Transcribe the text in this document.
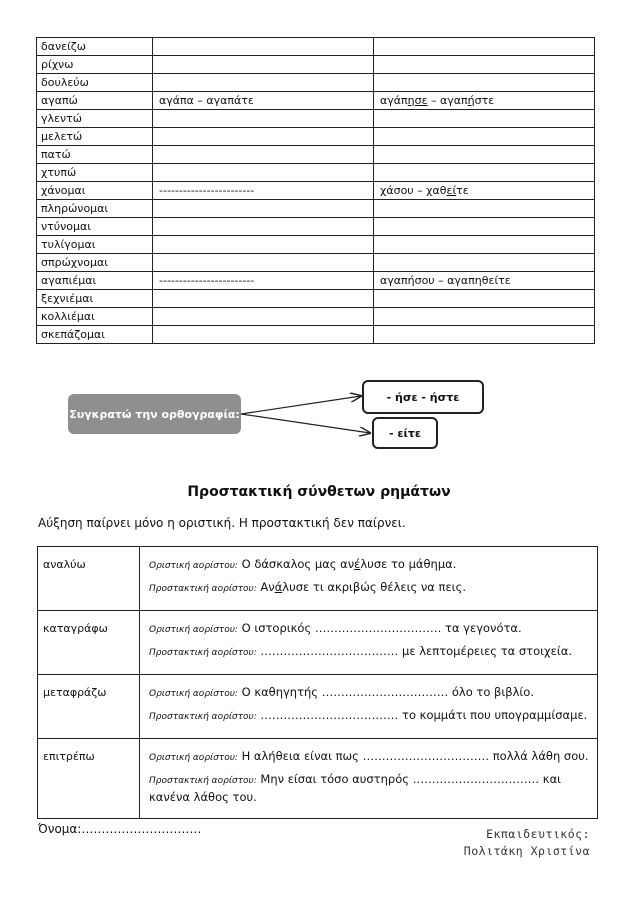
δανείζω		
ρίχνω		
δουλεύω		
αγαπώ	αγάπα – αγαπάτε	αγάπησε – αγαπήστε
γλεντώ		
μελετώ		
πατώ		
χτυπώ		
χάνομαι	------------------------	χάσου – χαθείτε
πληρώνομαι		
ντύνομαι		
τυλίγομαι		
σπρώχνομαι		
αγαπιέμαι	------------------------	αγαπήσου – αγαπηθείτε
ξεχνιέμαι		
κολλιέμαι		
σκεπάζομαι		
Συγκρατώ την ορθογραφία:
- ήσε - ήστε
- είτε
Προστακτική σύνθετων ρημάτων
Αύξηση παίρνει μόνο η οριστική. Η προστακτική δεν παίρνει.
αναλύω	Οριστική αορίστου: Ο δάσκαλος μας ανέλυσε το μάθημα.
Προστακτική αορίστου: Ανάλυσε τι ακριβώς θέλεις να πεις.

καταγράφω	Οριστική αορίστου: Ο ιστορικός …………………………… τα γεγονότα.
Προστακτική αορίστου: ……………………………… με λεπτομέρειες τα στοιχεία.

μεταφράζω	Οριστική αορίστου: Ο καθηγητής …………………………… όλο το βιβλίο.
Προστακτική αορίστου: ……………………………… το κομμάτι που υπογραμμίσαμε.

επιτρέπω	Οριστική αορίστου: Η αλήθεια είναι πως …………………………… πολλά λάθη σου.
Προστακτική αορίστου: Μην είσαι τόσο αυστηρός …………………………… και κανένα λάθος του.
Όνομα:…………………………	Εκπαιδευτικός:
Πολιτάκη Χριστίνα
